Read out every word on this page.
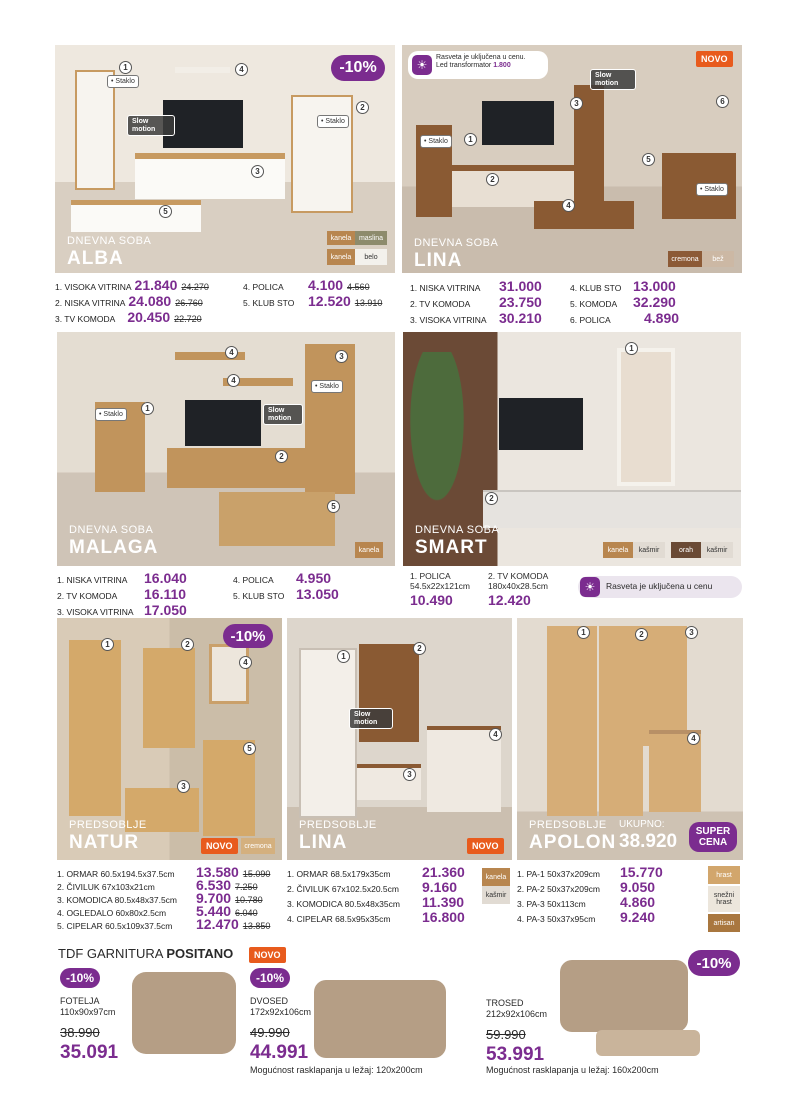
1
2
3
4
5
• Staklo
• Staklo
Slow motion
-10%
DNEVNA SOBA
ALBA
kanela	maslina
kanela	belo
1. VISOKA VITRINA 21.840 24.270
2. NISKA VITRINA 24.080 26.760
3. TV KOMODA 20.450 22.720
4. POLICA	4.100 4.560
5. KLUB STO 12.520 13.910
1
2
3
4
5
6
• Staklo
• Staklo
Slow motion
☀
Rasveta je uključena u cenu.
Led transformator 1.800
NOVO
DNEVNA SOBA
LINA	cremona	bež
1. NISKA VITRINA	31.000
2. TV KOMODA	23.750
3. VISOKA VITRINA 30.210
4. KLUB STO 13.000
5. KOMODA	32.290
6. POLICA	4.890
1
2
3
4
4
5
• Staklo
• Staklo
Slow motion
DNEVNA SOBA
MALAGA	kanela
1. NISKA VITRINA	16.040
2. TV KOMODA	16.110
3. VISOKA VITRINA 17.050
4. POLICA	4.950
5. KLUB STO 13.050
1
2
DNEVNA SOBA
SMART	kanela	kašmir	orah	kašmir
1. POLICA
54.5x22x121cm
10.490
2. TV KOMODA
180x40x28.5cm
12.420
☀	Rasveta je uključena u cenu
1	2
3
4
5
-10%
PREDSOBLJE
NATUR	NOVO	cremona
1. ORMAR 60.5x194.5x37.5cm	13.580 15.090
2. ČIVILUK 67x103x21cm	6.530 7.250
3. KOMODICA 80.5x48x37.5cm	9.700 10.780
4. OGLEDALO 60x80x2.5cm	5.440 6.040
5. CIPELAR 60.5x109x37.5cm	12.470 13.850
1
2
3
4
Slow motion
PREDSOBLJE
LINA	NOVO
1. ORMAR 68.5x179x35cm	21.360
2. ČIVILUK 67x102.5x20.5cm	9.160
3. KOMODICA 80.5x48x35cm	11.390
4. CIPELAR 68.5x95x35cm	16.800
kanela
kašmir
1	2	3
4
PREDSOBLJE
APOLON
UKUPNO:
38.920 SUPER
CENA
1. PA-1 50x37x209cm	15.770
2. PA-2 50x37x209cm	9.050
3. PA-3 50x113cm	4.860
4. PA-3 50x37x95cm	9.240
hrast
snežni hrast
artisan
TDF GARNITURA POSITANO	NOVO
-10%
FOTELJA
110x90x97cm
38.990
35.091
-10%
DVOSED
172x92x106cm
49.990
44.991
Mogućnost rasklapanja u ležaj: 120x200cm
-10%
TROSED
212x92x106cm
59.990
53.991
Mogućnost rasklapanja u ležaj: 160x200cm
